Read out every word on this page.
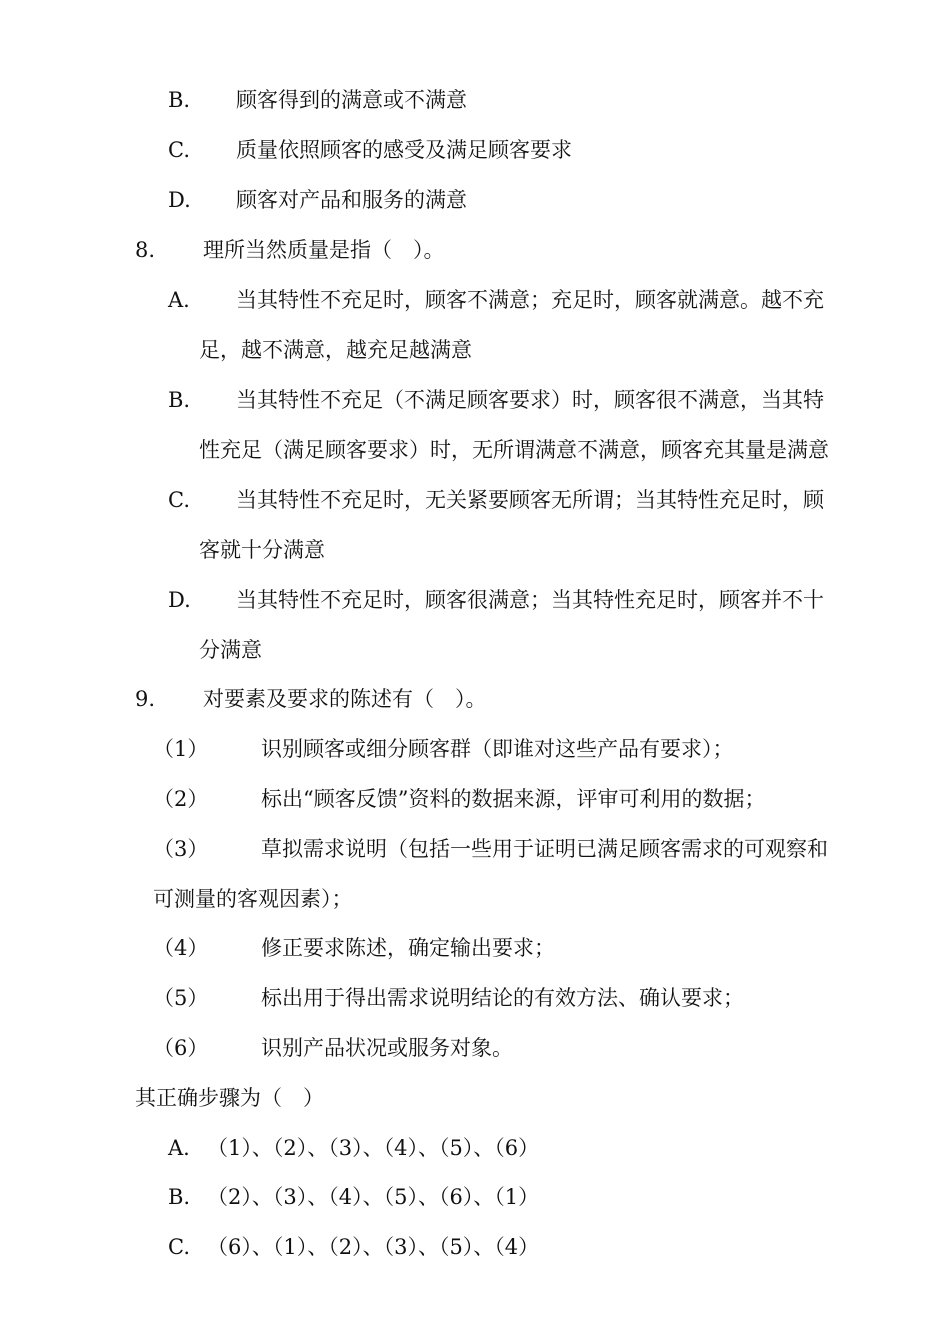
B. 顾客得到的满意或不满意
C. 质量依照顾客的感受及满足顾客要求
D. 顾客对产品和服务的满意
8. 理所当然质量是指（　）。
A. 当其特性不充足时，顾客不满意；充足时，顾客就满意。越不充
足，越不满意，越充足越满意
B. 当其特性不充足（不满足顾客要求）时，顾客很不满意，当其特
性充足（满足顾客要求）时，无所谓满意不满意，顾客充其量是满意
C. 当其特性不充足时，无关紧要顾客无所谓；当其特性充足时，顾
客就十分满意
D. 当其特性不充足时，顾客很满意；当其特性充足时，顾客并不十
分满意
9. 对要素及要求的陈述有（　）。
（1）	识别顾客或细分顾客群（即谁对这些产品有要求）；
（2）	标出“顾客反馈”资料的数据来源，评审可利用的数据；
（3）	草拟需求说明（包括一些用于证明已满足顾客需求的可观察和
可测量的客观因素）；
（4）	修正要求陈述，确定输出要求；
（5）	标出用于得出需求说明结论的有效方法、确认要求；
（6）	识别产品状况或服务对象。
其正确步骤为（　）
A. （1）、（2）、（3）、（4）、（5）、（6）
B. （2）、（3）、（4）、（5）、（6）、（1）
C. （6）、（1）、（2）、（3）、（5）、（4）
